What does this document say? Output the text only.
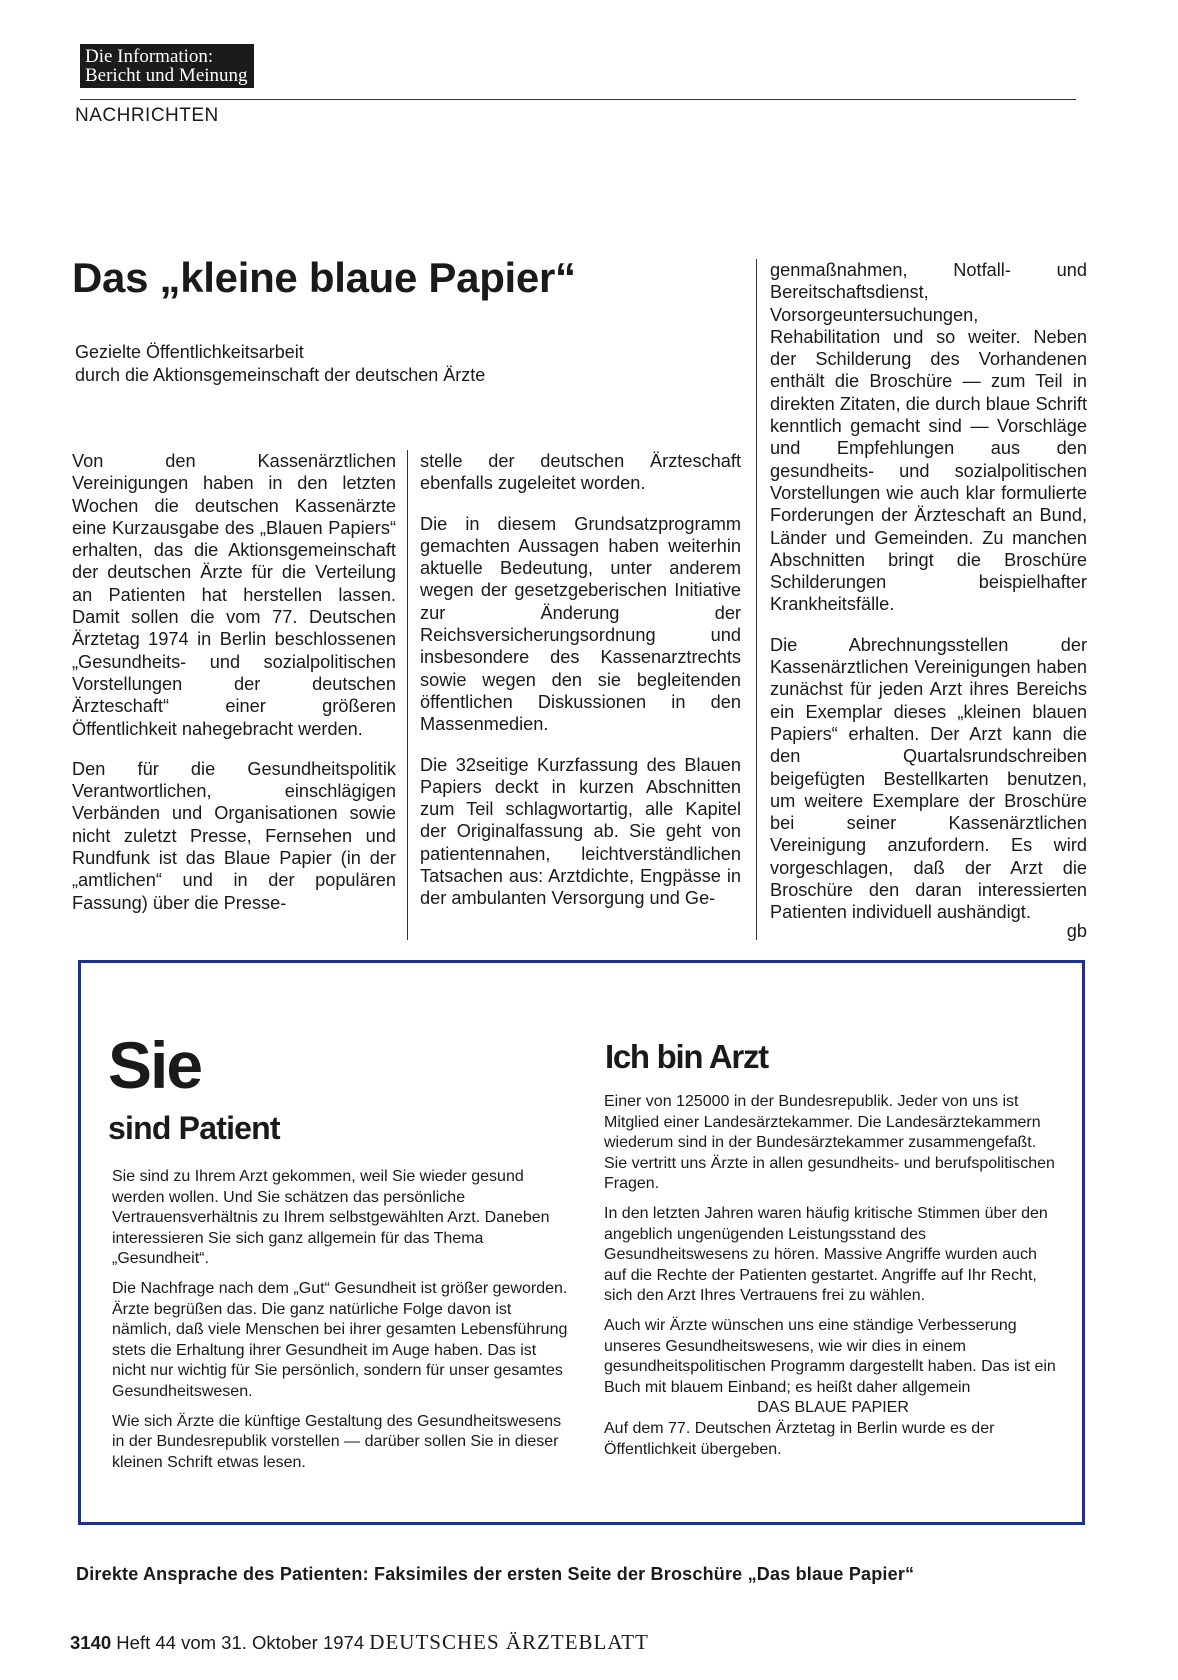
Die Information:
Bericht und Meinung
NACHRICHTEN
Das „kleine blaue Papier“
Gezielte Öffentlichkeitsarbeit
durch die Aktionsgemeinschaft der deutschen Ärzte

Von den Kassenärztlichen Vereinigungen haben in den letzten Wochen die deutschen Kassenärzte eine Kurzausgabe des „Blauen Papiers“ erhalten, das die Aktionsgemeinschaft der deutschen Ärzte für die Verteilung an Patienten hat herstellen lassen. Damit sollen die vom 77. Deutschen Ärztetag 1974 in Berlin beschlossenen „Gesundheits- und sozialpolitischen Vorstellungen der deutschen Ärzteschaft“ einer größeren Öffentlichkeit nahegebracht werden.

Den für die Gesundheitspolitik Verantwortlichen, einschlägigen Verbänden und Organisationen sowie nicht zuletzt Presse, Fernsehen und Rundfunk ist das Blaue Papier (in der „amtlichen“ und in der populären Fassung) über die Presse-

stelle der deutschen Ärzteschaft ebenfalls zugeleitet worden.

Die in diesem Grundsatzprogramm gemachten Aussagen haben weiterhin aktuelle Bedeutung, unter anderem wegen der gesetzgeberischen Initiative zur Änderung der Reichsversicherungsordnung und insbesondere des Kassenarztrechts sowie wegen den sie begleitenden öffentlichen Diskussionen in den Massenmedien.

Die 32seitige Kurzfassung des Blauen Papiers deckt in kurzen Abschnitten zum Teil schlagwortartig, alle Kapitel der Originalfassung ab. Sie geht von patientennahen, leichtverständlichen Tatsachen aus: Arztdichte, Engpässe in der ambulanten Versorgung und Ge-

genmaßnahmen, Notfall- und Bereitschaftsdienst, Vorsorgeuntersuchungen, Rehabilitation und so weiter. Neben der Schilderung des Vorhandenen enthält die Broschüre — zum Teil in direkten Zitaten, die durch blaue Schrift kenntlich gemacht sind — Vorschläge und Empfehlungen aus den gesundheits- und sozialpolitischen Vorstellungen wie auch klar formulierte Forderungen der Ärzteschaft an Bund, Länder und Gemeinden. Zu manchen Abschnitten bringt die Broschüre Schilderungen beispielhafter Krankheitsfälle.

Die Abrechnungsstellen der Kassenärztlichen Vereinigungen haben zunächst für jeden Arzt ihres Bereichs ein Exemplar dieses „kleinen blauen Papiers“ erhalten. Der Arzt kann die den Quartalsrundschreiben beigefügten Bestellkarten benutzen, um weitere Exemplare der Broschüre bei seiner Kassenärztlichen Vereinigung anzufordern. Es wird vorgeschlagen, daß der Arzt die Broschüre den daran interessierten Patienten individuell aushändigt.

gb
Sie
sind Patient

Sie sind zu Ihrem Arzt gekommen, weil Sie wieder gesund werden wollen. Und Sie schätzen das persönliche Vertrauensverhältnis zu Ihrem selbstgewählten Arzt. Daneben interessieren Sie sich ganz allgemein für das Thema „Gesundheit“.

Die Nachfrage nach dem „Gut“ Gesundheit ist größer geworden. Ärzte begrüßen das. Die ganz natürliche Folge davon ist nämlich, daß viele Menschen bei ihrer gesamten Lebensführung stets die Erhaltung ihrer Gesundheit im Auge haben. Das ist nicht nur wichtig für Sie persönlich, sondern für unser gesamtes Gesundheitswesen.

Wie sich Ärzte die künftige Gestaltung des Gesundheitswesens in der Bundesrepublik vorstellen — darüber sollen Sie in dieser kleinen Schrift etwas lesen.

Ich bin Arzt

Einer von 125000 in der Bundesrepublik. Jeder von uns ist Mitglied einer Landesärztekammer. Die Landesärztekammern wiederum sind in der Bundesärztekammer zusammengefaßt. Sie vertritt uns Ärzte in allen gesundheits- und berufspolitischen Fragen.

In den letzten Jahren waren häufig kritische Stimmen über den angeblich ungenügenden Leistungsstand des Gesundheitswesens zu hören. Massive Angriffe wurden auch auf die Rechte der Patienten gestartet. Angriffe auf Ihr Recht, sich den Arzt Ihres Vertrauens frei zu wählen.

Auch wir Ärzte wünschen uns eine ständige Verbesserung unseres Gesundheitswesens, wie wir dies in einem gesundheitspolitischen Programm dargestellt haben. Das ist ein Buch mit blauem Einband; es heißt daher allgemein

DAS BLAUE PAPIER

Auf dem 77. Deutschen Ärztetag in Berlin wurde es der Öffentlichkeit übergeben.

Direkte Ansprache des Patienten: Faksimiles der ersten Seite der Broschüre „Das blaue Papier“
3140 Heft 44 vom 31. Oktober 1974 DEUTSCHES ÄRZTEBLATT
